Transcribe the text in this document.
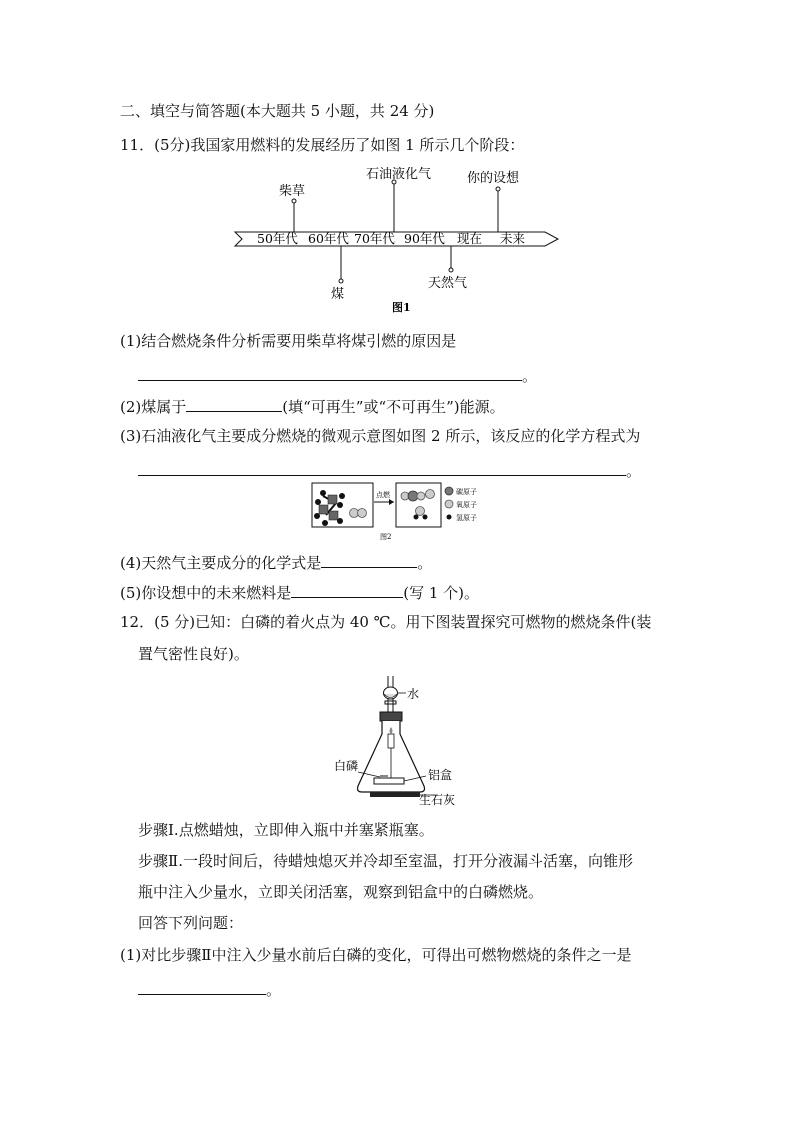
二、填空与简答题(本大题共 5 小题，共 24 分)
11．(5分)我国家用燃料的发展经历了如图 1 所示几个阶段：
50年代 60年代 70年代 90年代 现在 未来
柴草
石油液化气	你的设想
煤
天然气
图1
(1)结合燃烧条件分析需要用柴草将煤引燃的原因是
。
(2)煤属于	(填“可再生”或“不可再生”)能源。
(3)石油液化气主要成分燃烧的微观示意图如图 2 所示，该反应的化学方程式为
。
点燃	碳原子
氧原子
氢原子
图2
(4)天然气主要成分的化学式是	。
(5)你设想中的未来燃料是	(写 1 个)。
12．(5 分)已知：白磷的着火点为 40 ℃。用下图装置探究可燃物的燃烧条件(装
置气密性良好)。
水
白磷
铝盒
生石灰
步骤Ⅰ.点燃蜡烛，立即伸入瓶中并塞紧瓶塞。
步骤Ⅱ.一段时间后，待蜡烛熄灭并冷却至室温，打开分液漏斗活塞，向锥形
瓶中注入少量水，立即关闭活塞，观察到铝盒中的白磷燃烧。
回答下列问题：
(1)对比步骤Ⅱ中注入少量水前后白磷的变化，可得出可燃物燃烧的条件之一是
。
